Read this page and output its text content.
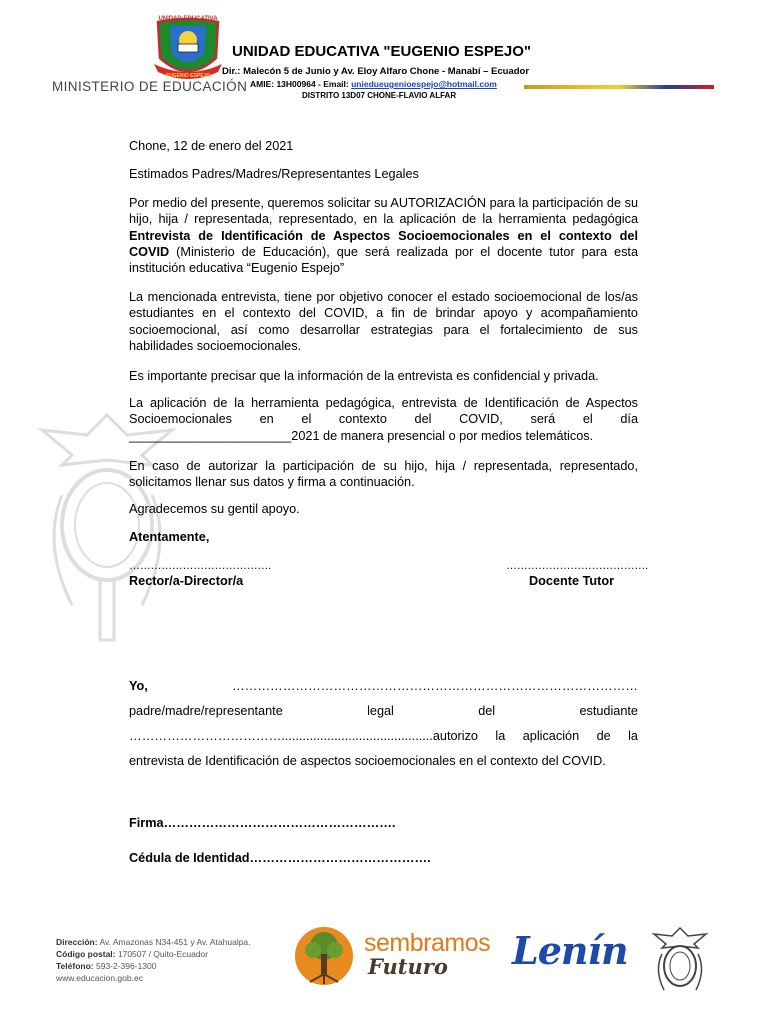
UNIDAD EDUCATIVA
EUGENIO ESPEJO
MINISTERIO DE EDUCACIÓN
UNIDAD EDUCATIVA "EUGENIO ESPEJO"
Dir.: Malecón 5 de Junio y Av. Eloy Alfaro Chone - Manabí – Ecuador
AMIE: 13H00964 - Email: uniedueugenioespejo@hotmail.com
DISTRITO 13D07 CHONE-FLAVIO ALFAR
Chone, 12 de enero del 2021
Estimados Padres/Madres/Representantes Legales
Por medio del presente, queremos solicitar su AUTORIZACIÓN para la participación de su hijo, hija / representada, representado, en la aplicación de la herramienta pedagógica Entrevista de Identificación de Aspectos Socioemocionales en el contexto del COVID (Ministerio de Educación), que será realizada por el docente tutor para esta institución educativa “Eugenio Espejo”
La mencionada entrevista, tiene por objetivo conocer el estado socioemocional de los/as estudiantes en el contexto del COVID, a fin de brindar apoyo y acompañamiento socioemocional, así como desarrollar estrategias para el fortalecimiento de sus habilidades socioemocionales.
Es importante precisar que la información de la entrevista es confidencial y privada.
La aplicación de la herramienta pedagógica, entrevista de Identificación de Aspectos Socioemocionales en el contexto del COVID, será el día _______________________2021 de manera presencial o por medios telemáticos.
En caso de autorizar la participación de su hijo, hija / representada, representado, solicitamos llenar sus datos y firma a continuación.
Agradecemos su gentil apoyo.
Atentamente,
………………………………….	………………………………….
Rector/a-Director/a	Docente Tutor
Yo, …………………………………………………………………………………… padre/madre/representante legal del estudiante ………………………………...........................................autorizo la aplicación de la entrevista de Identificación de aspectos socioemocionales en el contexto del COVID.
Firma……………………………………………….
Cédula de Identidad…………………………………….
Dirección: Av. Amazonas N34-451 y Av. Atahualpa.
Código postal: 170507 / Quito-Ecuador
Teléfono: 593-2-396-1300
www.educacion.gob.ec
sembramos
Futuro Lenín
